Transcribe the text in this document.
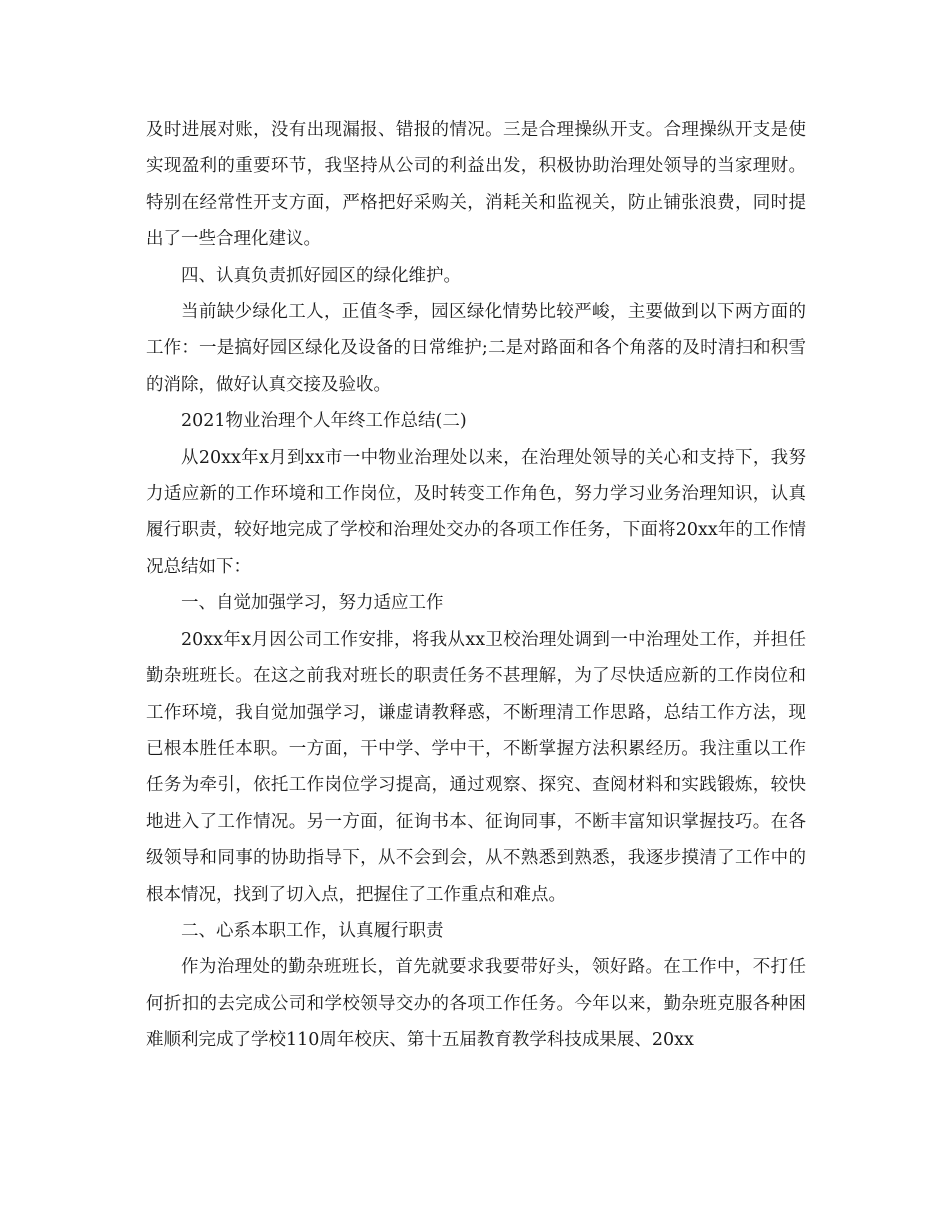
及时进展对账，没有出现漏报、错报的情况。三是合理操纵开支。合理操纵开支是使实现盈利的重要环节，我坚持从公司的利益出发，积极协助治理处领导的当家理财。特别在经常性开支方面，严格把好采购关，消耗关和监视关，防止铺张浪费，同时提出了一些合理化建议。

四、认真负责抓好园区的绿化维护。

当前缺少绿化工人，正值冬季，园区绿化情势比较严峻，主要做到以下两方面的工作：一是搞好园区绿化及设备的日常维护;二是对路面和各个角落的及时清扫和积雪的消除，做好认真交接及验收。

2021物业治理个人年终工作总结(二)

从20xx年x月到xx市一中物业治理处以来，在治理处领导的关心和支持下，我努力适应新的工作环境和工作岗位，及时转变工作角色，努力学习业务治理知识，认真履行职责，较好地完成了学校和治理处交办的各项工作任务，下面将20xx年的工作情况总结如下：

一、自觉加强学习，努力适应工作

20xx年x月因公司工作安排，将我从xx卫校治理处调到一中治理处工作，并担任勤杂班班长。在这之前我对班长的职责任务不甚理解，为了尽快适应新的工作岗位和工作环境，我自觉加强学习，谦虚请教释惑，不断理清工作思路，总结工作方法，现已根本胜任本职。一方面，干中学、学中干，不断掌握方法积累经历。我注重以工作任务为牵引，依托工作岗位学习提高，通过观察、探究、查阅材料和实践锻炼，较快地进入了工作情况。另一方面，征询书本、征询同事，不断丰富知识掌握技巧。在各级领导和同事的协助指导下，从不会到会，从不熟悉到熟悉，我逐步摸清了工作中的根本情况，找到了切入点，把握住了工作重点和难点。

二、心系本职工作，认真履行职责

作为治理处的勤杂班班长，首先就要求我要带好头，领好路。在工作中，不打任何折扣的去完成公司和学校领导交办的各项工作任务。今年以来，勤杂班克服各种困难顺利完成了学校110周年校庆、第十五届教育教学科技成果展、20xx
